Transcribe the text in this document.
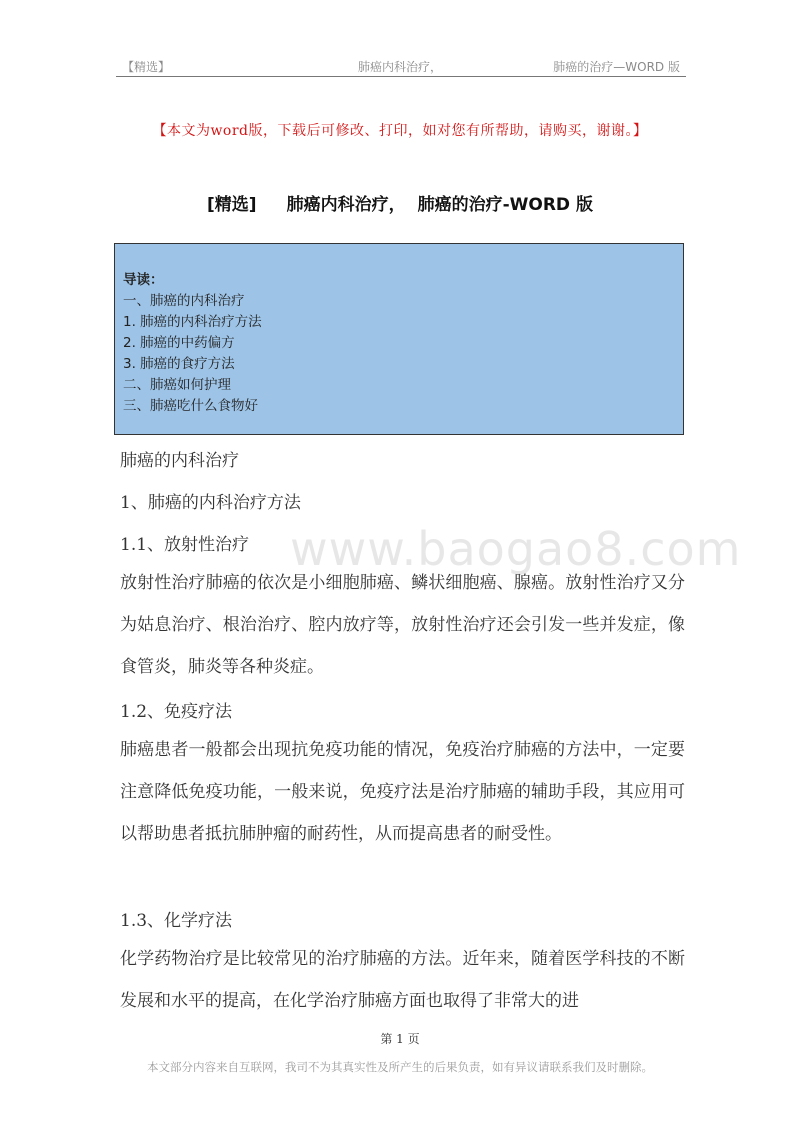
【精选】	肺癌内科治疗，	肺癌的治疗—WORD 版
【本文为word版，下载后可修改、打印，如对您有所帮助，请购买，谢谢。】
[精选] 肺癌内科治疗， 肺癌的治疗-WORD 版
导读：
一、肺癌的内科治疗
1. 肺癌的内科治疗方法
2. 肺癌的中药偏方
3. 肺癌的食疗方法
二、肺癌如何护理
三、肺癌吃什么食物好
肺癌的内科治疗
1、肺癌的内科治疗方法
1.1、放射性治疗 www.baogao8.com
放射性治疗肺癌的依次是小细胞肺癌、鳞状细胞癌、腺癌。放射性治疗又分为姑息治疗、根治治疗、腔内放疗等，放射性治疗还会引发一些并发症，像食管炎，肺炎等各种炎症。
1.2、免疫疗法
肺癌患者一般都会出现抗免疫功能的情况，免疫治疗肺癌的方法中，一定要注意降低免疫功能，一般来说，免疫疗法是治疗肺癌的辅助手段，其应用可以帮助患者抵抗肺肿瘤的耐药性，从而提高患者的耐受性。
1.3、化学疗法
化学药物治疗是比较常见的治疗肺癌的方法。近年来，随着医学科技的不断发展和水平的提高，在化学治疗肺癌方面也取得了非常大的进
第 1 页
本文部分内容来自互联网，我司不为其真实性及所产生的后果负责，如有异议请联系我们及时删除。
